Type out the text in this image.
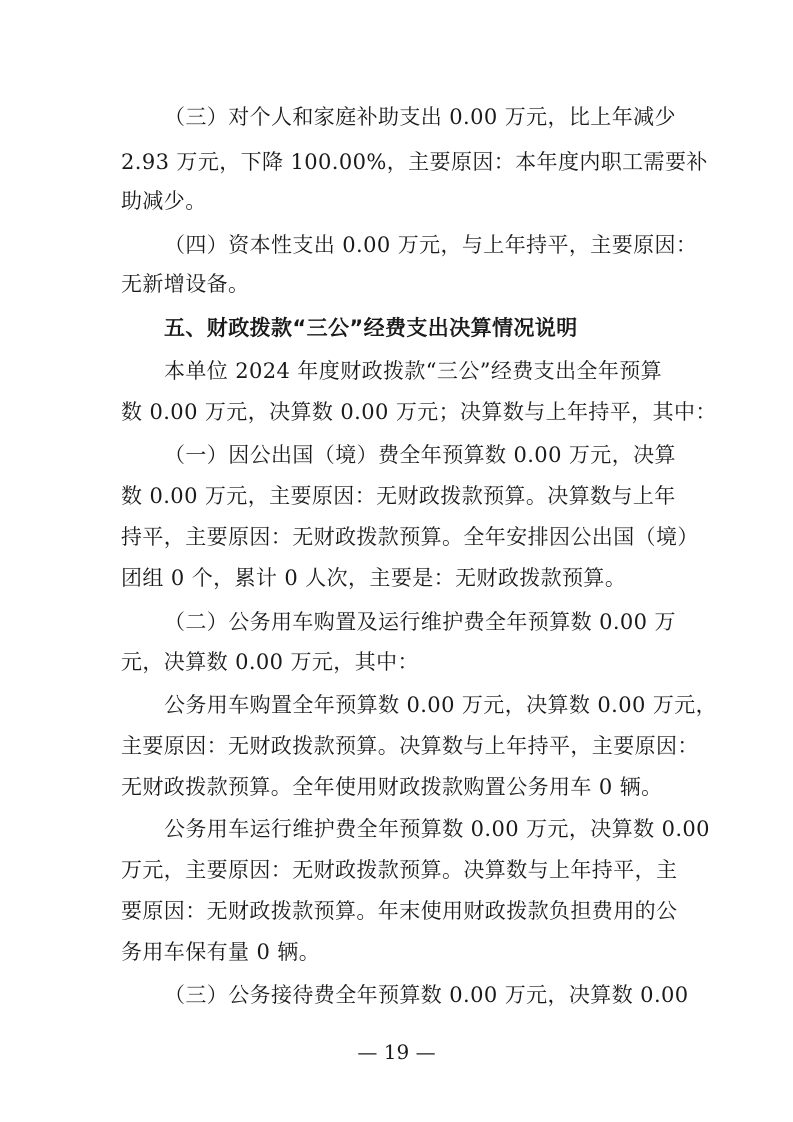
（三）对个人和家庭补助支出 0.00 万元，比上年减少
2.93 万元，下降 100.00%，主要原因：本年度内职工需要补
助减少。
（四）资本性支出 0.00 万元，与上年持平，主要原因：
无新增设备。
五、财政拨款“三公”经费支出决算情况说明
本单位 2024 年度财政拨款“三公”经费支出全年预算
数 0.00 万元，决算数 0.00 万元；决算数与上年持平，其中：
（一）因公出国（境）费全年预算数 0.00 万元，决算
数 0.00 万元，主要原因：无财政拨款预算。决算数与上年
持平，主要原因：无财政拨款预算。全年安排因公出国（境）
团组 0 个，累计 0 人次，主要是：无财政拨款预算。
（二）公务用车购置及运行维护费全年预算数 0.00 万
元，决算数 0.00 万元，其中：
公务用车购置全年预算数 0.00 万元，决算数 0.00 万元，
主要原因：无财政拨款预算。决算数与上年持平，主要原因：
无财政拨款预算。全年使用财政拨款购置公务用车 0 辆。
公务用车运行维护费全年预算数 0.00 万元，决算数 0.00
万元，主要原因：无财政拨款预算。决算数与上年持平，主
要原因：无财政拨款预算。年末使用财政拨款负担费用的公
务用车保有量 0 辆。
（三）公务接待费全年预算数 0.00 万元，决算数 0.00
— 19 —
